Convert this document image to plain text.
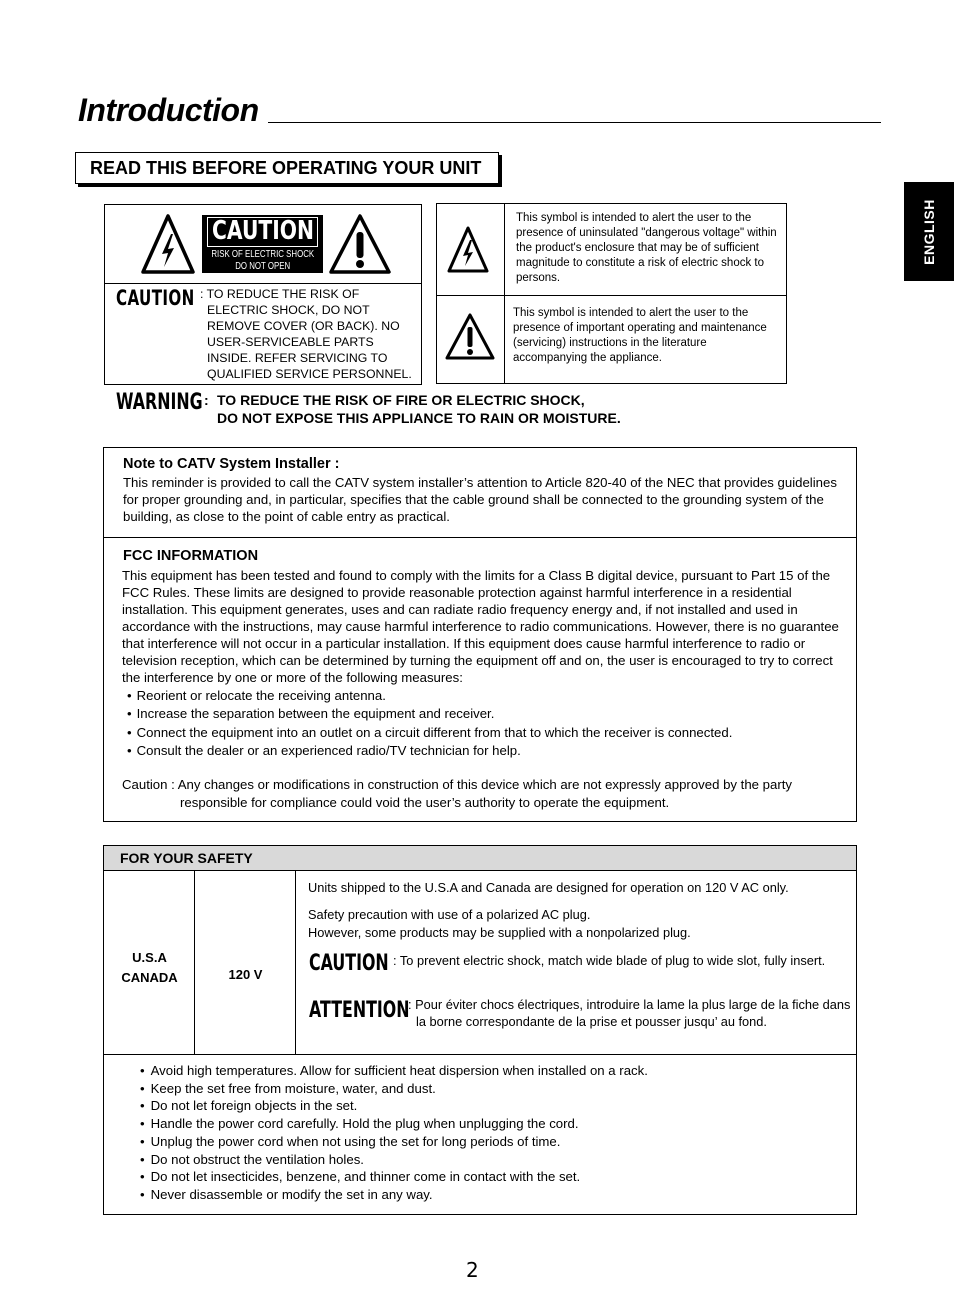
Introduction
READ THIS BEFORE OPERATING YOUR UNIT
ENGLISH
CAUTION
RISK OF ELECTRIC SHOCK
DO NOT OPEN
CAUTION : TO REDUCE THE RISK OF
ELECTRIC SHOCK, DO NOT
REMOVE COVER (OR BACK). NO
USER-SERVICEABLE PARTS
INSIDE. REFER SERVICING TO
QUALIFIED SERVICE PERSONNEL.
This symbol is intended to alert the user to the presence of uninsulated "dangerous voltage" within the product's enclosure that may be of sufficient magnitude to constitute a risk of electric shock to persons.
This symbol is intended to alert the user to the presence of important operating and maintenance (servicing) instructions in the literature accompanying the appliance.
WARNING : TO REDUCE THE RISK OF FIRE OR ELECTRIC SHOCK,
DO NOT EXPOSE THIS APPLIANCE TO RAIN OR MOISTURE.
Note to CATV System Installer :
This reminder is provided to call the CATV system installer’s attention to Article 820-40 of the NEC that provides guidelines for proper grounding and, in particular, specifies that the cable ground shall be connected to the grounding system of the building, as close to the point of cable entry as practical.
FCC INFORMATION
This equipment has been tested and found to comply with the limits for a Class B digital device, pursuant to Part 15 of the FCC Rules. These limits are designed to provide reasonable protection against harmful interference in a residential installation. This equipment generates, uses and can radiate radio frequency energy and, if not installed and used in accordance with the instructions, may cause harmful interference to radio communications. However, there is no guarantee that interference will not occur in a particular installation. If this equipment does cause harmful interference to radio or television reception, which can be determined by turning the equipment off and on, the user is encouraged to try to correct the interference by one or more of the following measures:
• Reorient or relocate the receiving antenna.
• Increase the separation between the equipment and receiver.
• Connect the equipment into an outlet on a circuit different from that to which the receiver is connected.
• Consult the dealer or an experienced radio/TV technician for help.
Caution : Any changes or modifications in construction of this device which are not expressly approved by the party
responsible for compliance could void the user’s authority to operate the equipment.
FOR YOUR SAFETY
U.S.A
CANADA	120 V
Units shipped to the U.S.A and Canada are designed for operation on 120 V AC only.
Safety precaution with use of a polarized AC plug.
However, some products may be supplied with a nonpolarized plug.
CAUTION : To prevent electric shock, match wide blade of plug to wide slot, fully insert.
ATTENTION
: Pour éviter chocs électriques, introduire la lame la plus large de la fiche dans la borne correspondante de la prise et pousser jusqu’ au fond.
• Avoid high temperatures. Allow for sufficient heat dispersion when installed on a rack.
• Keep the set free from moisture, water, and dust.
• Do not let foreign objects in the set.
• Handle the power cord carefully. Hold the plug when unplugging the cord.
• Unplug the power cord when not using the set for long periods of time.
• Do not obstruct the ventilation holes.
• Do not let insecticides, benzene, and thinner come in contact with the set.
• Never disassemble or modify the set in any way.
2
